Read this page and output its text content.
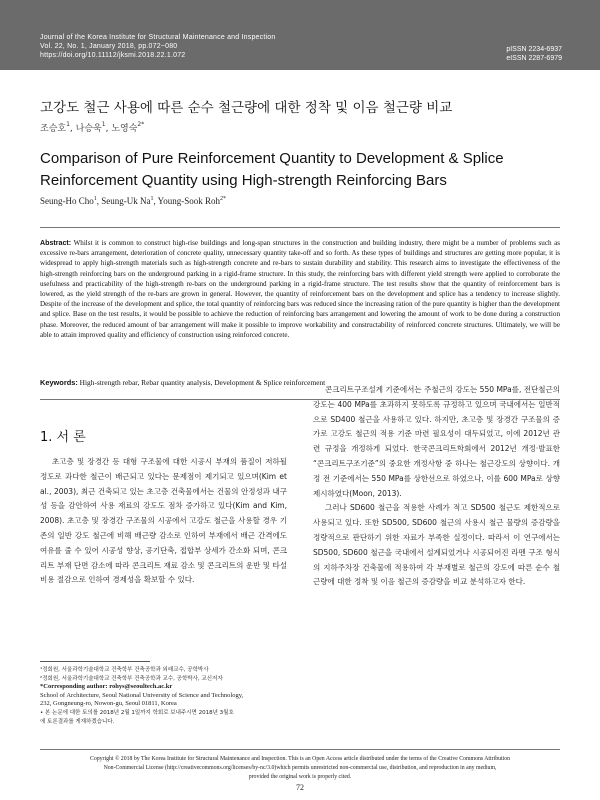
Journal of the Korea Institute for Structural Maintenance and Inspection
Vol. 22, No. 1, January 2018, pp.072~080
https://doi.org/10.11112/jksmi.2018.22.1.072
pISSN 2234-6937
eISSN 2287-6979
고강도 철근 사용에 따른 순수 철근량에 대한 정착 및 이음 철근량 비교
조승호$^1$, 나승욱$^1$, 노영숙$^{2*}$
Comparison of Pure Reinforcement Quantity to Development & Splice
Reinforcement Quantity using High-strength Reinforcing Bars
Seung-Ho Cho$^1$, Seung-Uk Na$^1$, Young-Sook Roh$^{2*}$
Abstract: Whilst it is common to construct high-rise buildings and long-span structures in the construction and building industry, there might be a number of problems such as excessive re-bars arrangement, deterioration of concrete quality, unnecessary quantity take-off and so forth. As these types of buildings and structures are getting more popular, it is widespread to apply high-strength materials such as high-strength concrete and re-bars to sustain durability and stability. This research aims to investigate the effectiveness of the high-strength reinforcing bars on the underground parking in a rigid-frame structure. In this study, the reinforcing bars with different yield strength were applied to corroborate the usefulness and practicability of the high-strength re-bars on the underground parking in a rigid-frame structure. The test results show that the quantity of reinforcement bars is lowered, as the yield strength of the re-bars are grown in general. However, the quantity of reinforcement bars on the development and splice has a tendency to increase slightly. Despite of the increase of the development and splice, the total quantity of reinforcing bars was reduced since the increasing ration of the pure quantity is higher than the development and splice. Base on the test results, it would be possible to achieve the reduction of reinforcing bars arrangement and lowering the amount of work to be done during a construction phase. Moreover, the reduced amount of bar arrangement will make it possible to improve workability and constructability of reinforced concrete structures. Ultimately, we will be able to attain improved quality and efficiency of construction using reinforced concrete.
Keywords: High-strength rebar, Rebar quantity analysis, Development & Splice reinforcement
1. 서 론

초고층 및 장경간 등 대형 구조물에 대한 시공시 부재의 품질이 저하될 정도로 과다한 철근이 배근되고 있다는 문제점이 제기되고 있으며(Kim et al., 2003), 최근 건축되고 있는 초고층 건축물에서는 건물의 안정성과 내구성 등을 감안하여 사용 재료의 강도도 점차 증가하고 있다(Kim and Kim, 2008). 초고층 및 장경간 구조물의 시공에서 고강도 철근을 사용할 경우 기존의 일반 강도 철근에 비해 배근량 감소로 인하여 부재에서 배근 간격에도 여유를 줄 수 있어 시공성 향상, 공기단축, 접합부 상세가 간소화 되며, 콘크리트 부재 단면 감소에 따라 콘크리트 재료 감소 및 콘크리트의 운반 및 타설 비용 절감으로 인하여 경제성을 확보할 수 있다.

콘크리트구조설계 기준에서는 주철근의 강도는 550 MPa를, 전단철근의 강도는 400 MPa를 초과하지 못하도록 규정하고 있으며 국내에서는 일반적으로 SD400 철근을 사용하고 있다. 하지만, 초고층 및 장경간 구조물의 증가로 고강도 철근의 적용 기준 마련 필요성이 대두되었고, 이에 2012년 관련 규정을 개정하게 되었다. 한국콘크리트학회에서 2012년 개정·발표한 “콘크리트구조기준”의 중요한 개정사항 중 하나는 철근강도의 상향이다. 개정 전 기준에서는 550 MPa를 상한선으로 하였으나, 이를 600 MPa로 상향 제시하였다(Moon, 2013).

그러나 SD600 철근을 적용한 사례가 적고 SD500 철근도 제한적으로 사용되고 있다. 또한 SD500, SD600 철근의 사용시 철근 물량의 증감량을 정량적으로 판단하기 위한 자료가 부족한 실정이다. 따라서 이 연구에서는 SD500, SD600 철근을 국내에서 설계되었거나 시공되어진 라멘 구조 형식의 지하주차장 건축물에 적용하여 각 부재별로 철근의 강도에 따른 순수 철근량에 대한 정착 및 이음 철근의 증감량을 비교 분석하고자 한다.

¹정회원, 서울과학기술대학교 건축학부 건축공학과 외래교수, 공학박사
²정회원, 서울과학기술대학교 건축학부 건축공학과 교수, 공학박사, 교신저자
*Corresponding author: rohys@seoultech.ac.kr
School of Architecture, Seoul National University of Science and Technology,
232, Gongneung-ro, Nowon-gu, Seoul 01811, Korea
• 본 논문에 대한 토의를 2018년 2월 1일까지 학회로 보내주시면 2018년 3월호
에 토론결과를 게재하겠습니다.
Copyright © 2018 by The Korea Institute for Structural Maintenance and Inspection. This is an Open Access article distributed under the terms of the Creative Commons Attribution
Non-Commercial License (http://creativecommons.org/licenses/by-nc/3.0)which permits unrestricted non-commercial use, distribution, and reproduction in any medium,
provided the original work is properly cited.
72
